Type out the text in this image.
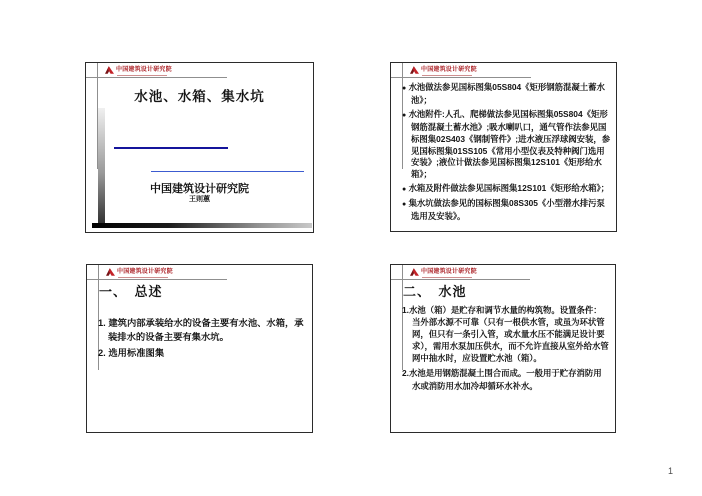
中国建筑设计研究院
水池、水箱、集水坑
中国建筑设计研究院
王则蕙
中国建筑设计研究院
● 水池做法参见国标图集05S804《矩形钢筋混凝土蓄水池》；
● 水池附件:人孔、爬梯做法参见国标图集05S804《矩形钢筋混凝土蓄水池》;吸水喇叭口，通气管作法参见国标图集02S403《钢制管件》;进水液压浮球阀安装，参见国标图集01SS105《常用小型仪表及特种阀门选用安装》;液位计做法参见国标图集12S101《矩形给水箱》；
● 水箱及附件做法参见国标图集12S101《矩形给水箱》；
● 集水坑做法参见的国标图集08S305《小型潜水排污泵选用及安装》。
中国建筑设计研究院
一、　总述

1. 建筑内部承装给水的设备主要有水池、水箱，承装排水的设备主要有集水坑。

2. 选用标准图集

中国建筑设计研究院
二、　水池

1.水池（箱）是贮存和调节水量的构筑物。设置条件：当外部水源不可靠（只有一根供水管，或虽为环状管网，但只有一条引入管，或水量水压不能满足设计要求），需用水泵加压供水，而不允许直接从室外给水管网中抽水时，应设置贮水池（箱）。

2.水池是用钢筋混凝土围合而成。一般用于贮存消防用水或消防用水加冷却循环水补水。

1
